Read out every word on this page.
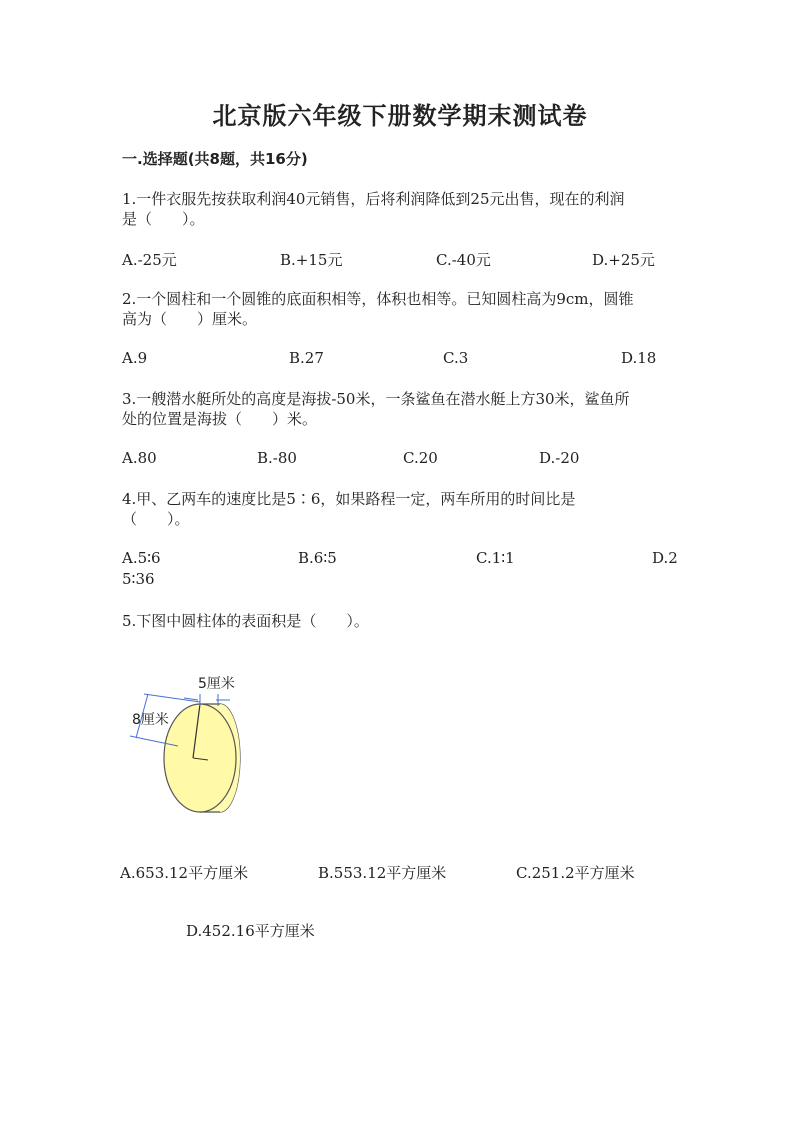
北京版六年级下册数学期末测试卷
一.选择题(共8题，共16分)
1.一件衣服先按获取利润40元销售，后将利润降低到25元出售，现在的利润
是（　　）。
A.-25元	B.+15元	C.-40元	D.+25元
2.一个圆柱和一个圆锥的底面积相等，体积也相等。已知圆柱高为9cm，圆锥
高为（　　）厘米。
A.9	B.27	C.3	D.18
3.一艘潜水艇所处的高度是海拔-50米，一条鲨鱼在潜水艇上方30米，鲨鱼所
处的位置是海拔（　　）米。
A.80	B.-80	C.20	D.-20
4.甲、乙两车的速度比是5∶6，如果路程一定，两车所用的时间比是
（　　）。
A.5∶6	B.6∶5	C.1∶1	D.2
5∶36
5.下图中圆柱体的表面积是（　　）。
5厘米
8厘米
A.653.12平方厘米	B.553.12平方厘米	C.251.2平方厘米
D.452.16平方厘米
